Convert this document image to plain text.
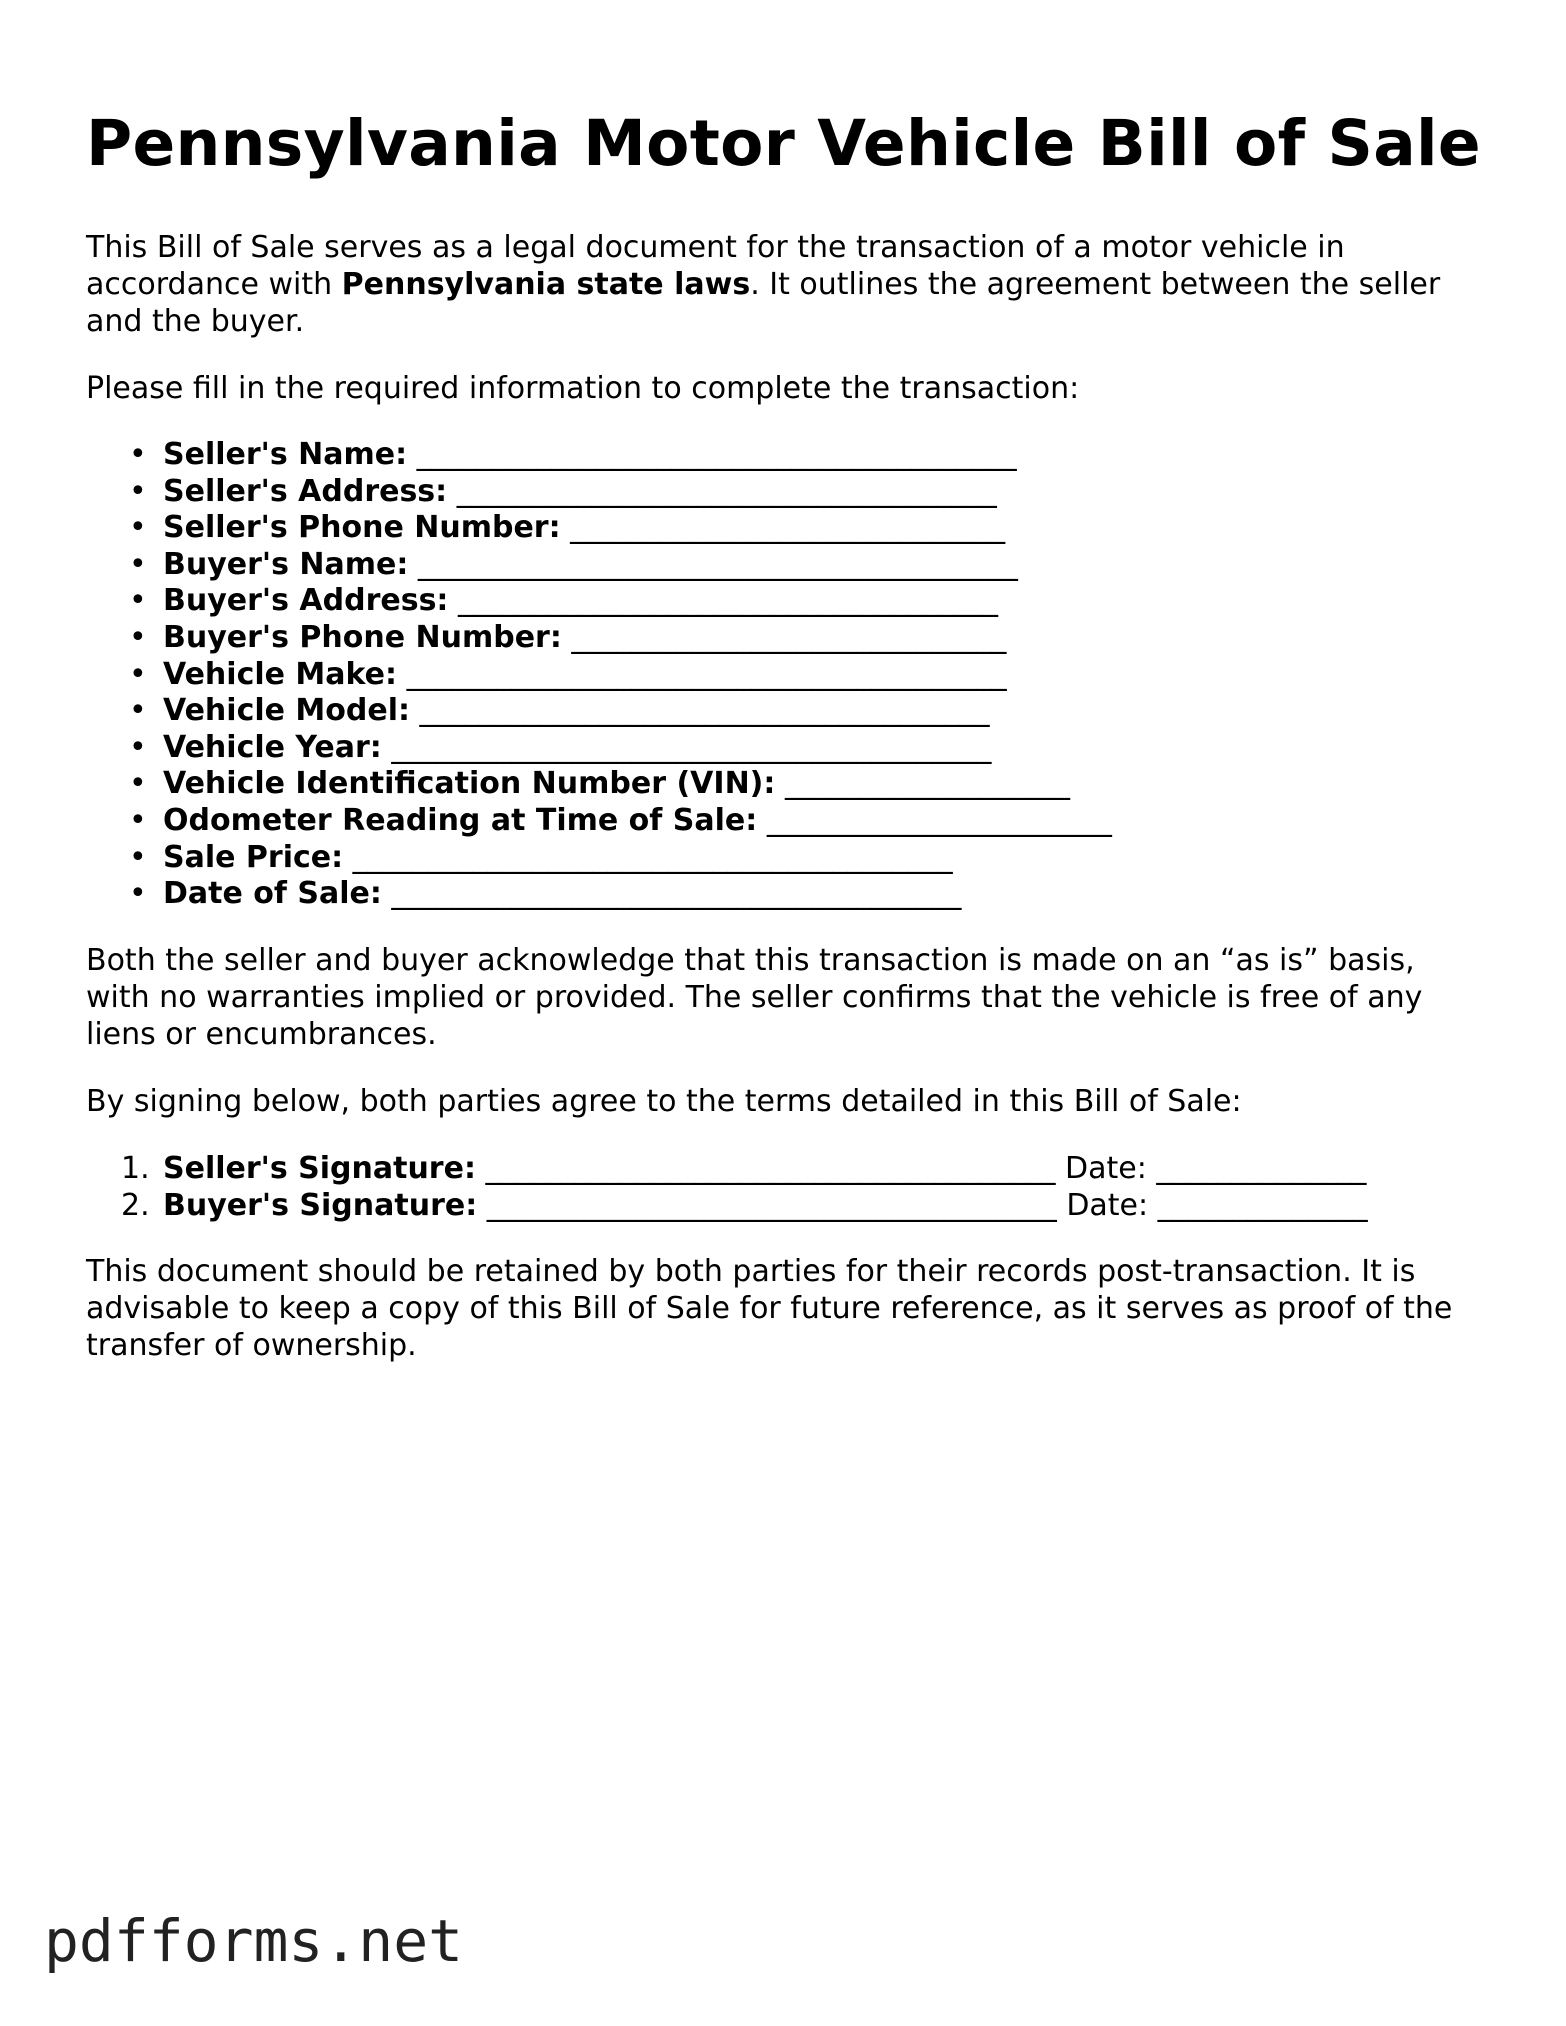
Pennsylvania Motor Vehicle Bill of Sale

This Bill of Sale serves as a legal document for the transaction of a motor vehicle in accordance with Pennsylvania state laws. It outlines the agreement between the seller and the buyer.

Please fill in the required information to complete the transaction:

• Seller's Name: ________________________________________
• Seller's Address: ____________________________________
• Seller's Phone Number: _____________________________
• Buyer's Name: ________________________________________
• Buyer's Address: ____________________________________
• Buyer's Phone Number: _____________________________
• Vehicle Make: ________________________________________
• Vehicle Model: ______________________________________
• Vehicle Year: ________________________________________
• Vehicle Identification Number (VIN): ___________________
• Odometer Reading at Time of Sale: _______________________
• Sale Price: ________________________________________
• Date of Sale: ______________________________________

Both the seller and buyer acknowledge that this transaction is made on an “as is” basis, with no warranties implied or provided. The seller confirms that the vehicle is free of any liens or encumbrances.

By signing below, both parties agree to the terms detailed in this Bill of Sale:

1. Seller's Signature: ______________________________________ Date: ______________
2. Buyer's Signature: ______________________________________ Date: ______________

This document should be retained by both parties for their records post-transaction. It is advisable to keep a copy of this Bill of Sale for future reference, as it serves as proof of the transfer of ownership.

pdfforms.net
